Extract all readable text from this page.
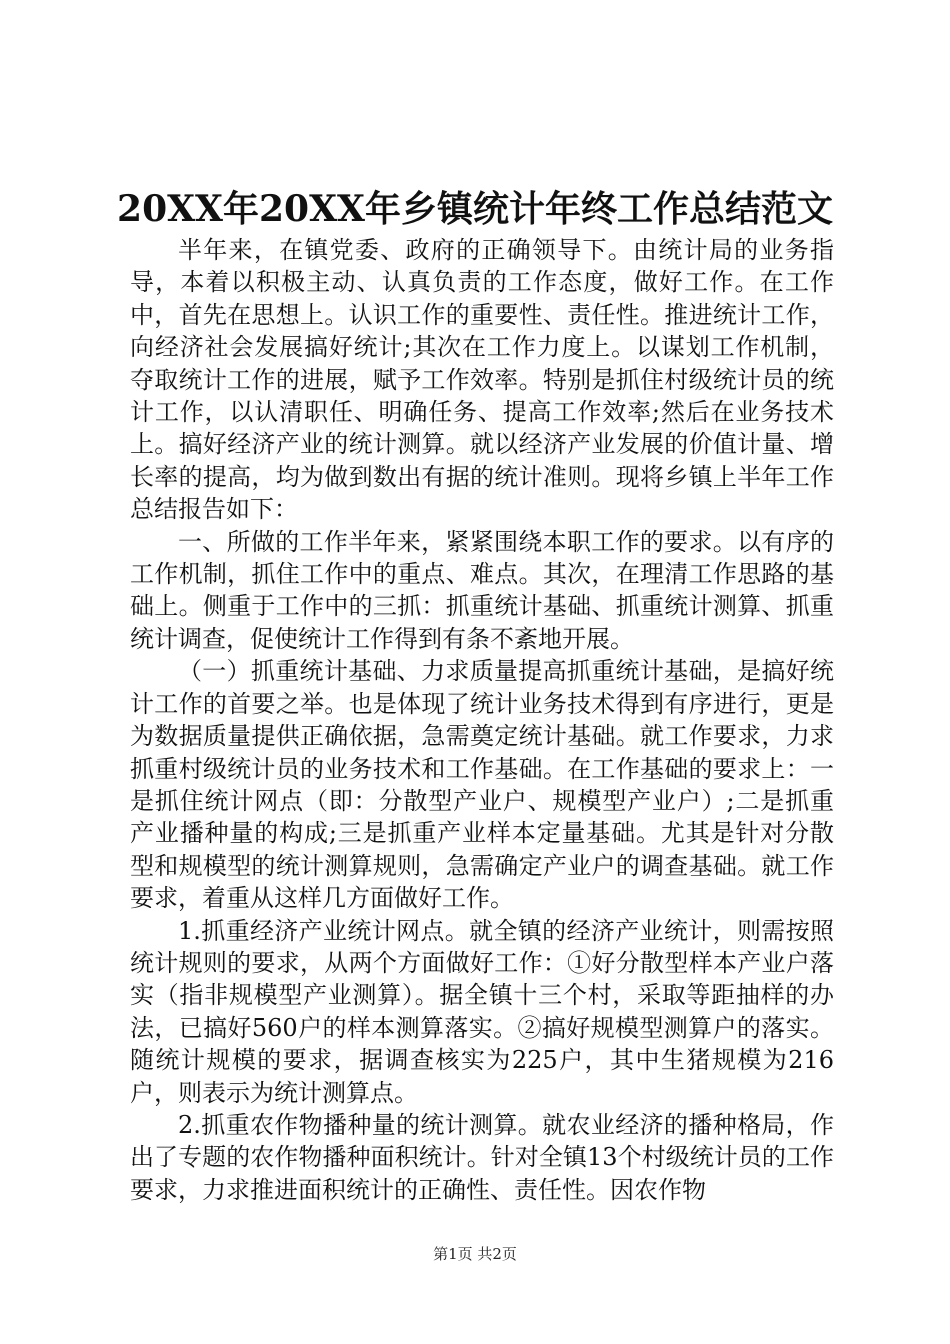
20XX年20XX年乡镇统计年终工作总结范文

半年来，在镇党委、政府的正确领导下。由统计局的业务指导，本着以积极主动、认真负责的工作态度，做好工作。在工作中，首先在思想上。认识工作的重要性、责任性。推进统计工作，向经济社会发展搞好统计;其次在工作力度上。以谋划工作机制，夺取统计工作的进展，赋予工作效率。特别是抓住村级统计员的统计工作，以认清职任、明确任务、提高工作效率;然后在业务技术上。搞好经济产业的统计测算。就以经济产业发展的价值计量、增长率的提高，均为做到数出有据的统计准则。现将乡镇上半年工作总结报告如下：

一、所做的工作半年来，紧紧围绕本职工作的要求。以有序的工作机制，抓住工作中的重点、难点。其次，在理清工作思路的基础上。侧重于工作中的三抓：抓重统计基础、抓重统计测算、抓重统计调查，促使统计工作得到有条不紊地开展。

（一）抓重统计基础、力求质量提高抓重统计基础，是搞好统计工作的首要之举。也是体现了统计业务技术得到有序进行，更是为数据质量提供正确依据，急需奠定统计基础。就工作要求，力求抓重村级统计员的业务技术和工作基础。在工作基础的要求上：一是抓住统计网点（即：分散型产业户、规模型产业户）;二是抓重产业播种量的构成;三是抓重产业样本定量基础。尤其是针对分散型和规模型的统计测算规则，急需确定产业户的调查基础。就工作要求，着重从这样几方面做好工作。

1.抓重经济产业统计网点。就全镇的经济产业统计，则需按照统计规则的要求，从两个方面做好工作：①好分散型样本产业户落实（指非规模型产业测算）。据全镇十三个村，采取等距抽样的办法，已搞好560户的样本测算落实。②搞好规模型测算户的落实。随统计规模的要求，据调查核实为225户，其中生猪规模为216户，则表示为统计测算点。

2.抓重农作物播种量的统计测算。就农业经济的播种格局，作出了专题的农作物播种面积统计。针对全镇13个村级统计员的工作要求，力求推进面积统计的正确性、责任性。因农作物

第1页 共2页
